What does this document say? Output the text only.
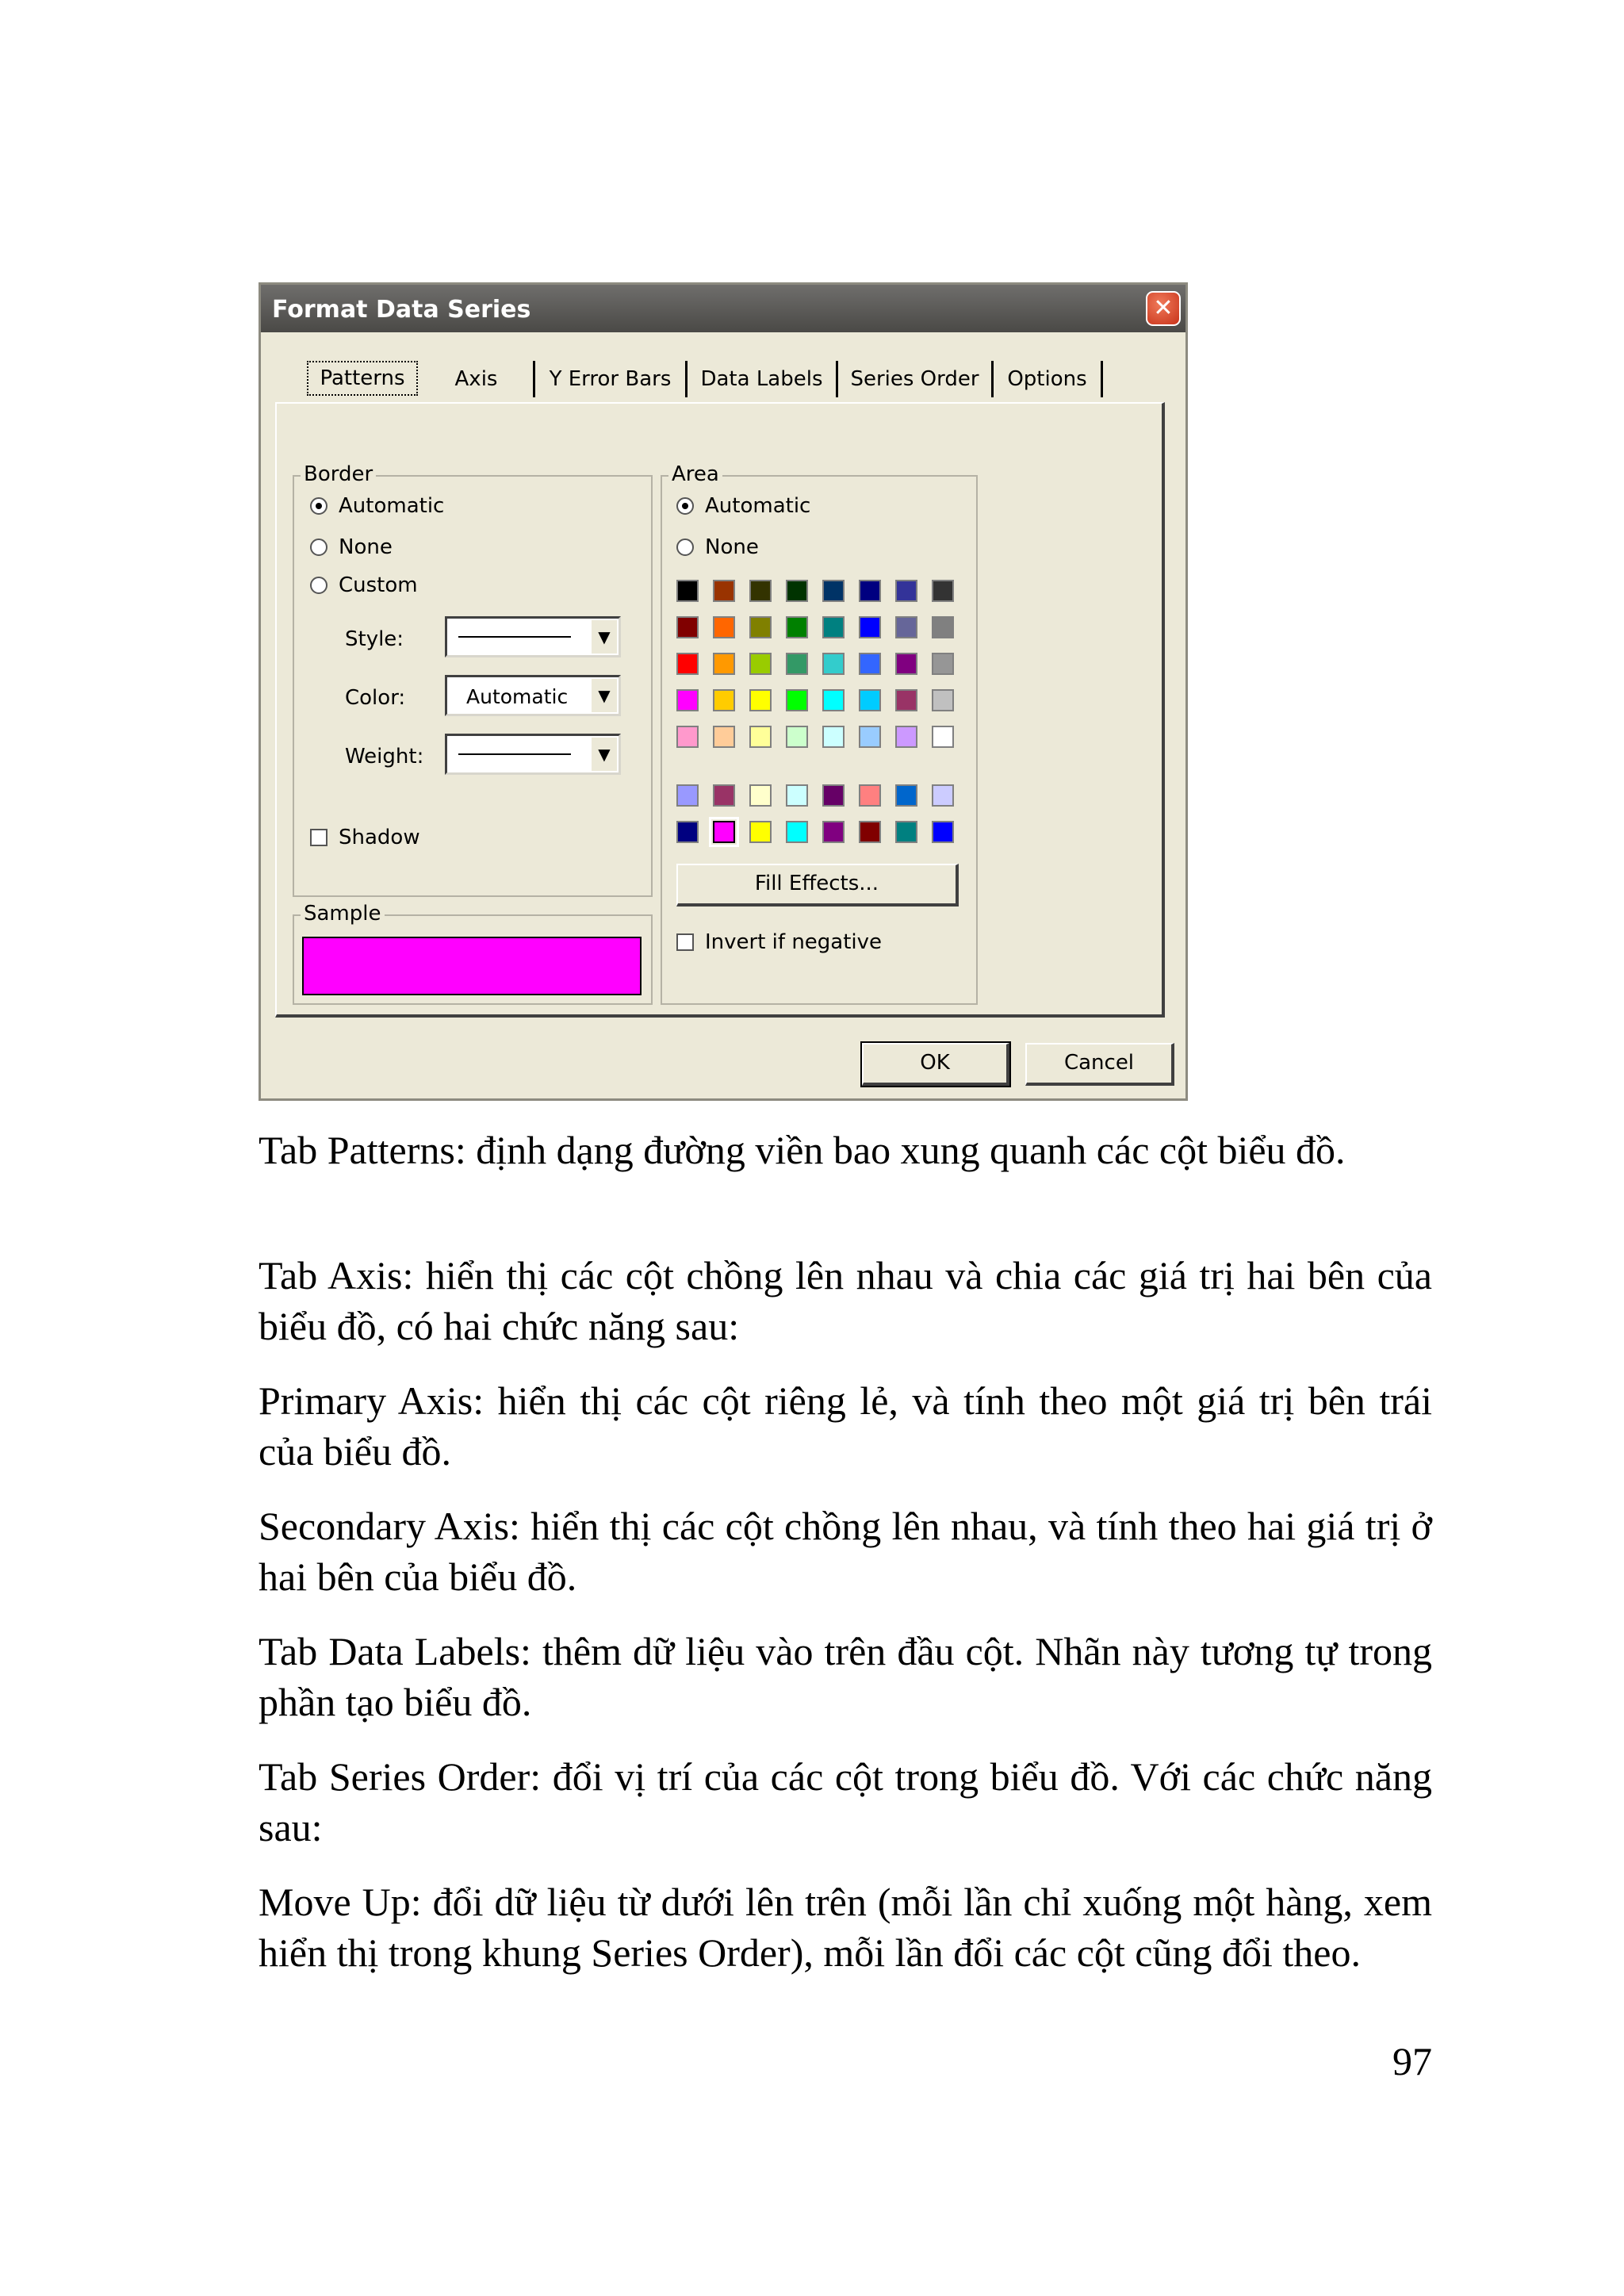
Format Data Series	✕
Patterns	Axis	Y Error Bars	Data Labels	Series Order	Options
Border
Automatic
None
Custom
Style:	▼
Color:	Automatic	▼
Weight:	▼
Shadow
Sample
Area
Automatic
None
Fill Effects...
Invert if negative
OK	Cancel
Tab Patterns: định dạng đường viền bao xung quanh các cột biểu đồ.
Tab Axis: hiển thị các cột chồng lên nhau và chia các giá trị hai bên của biểu đồ, có hai chức năng sau:
Primary Axis: hiển thị các cột riêng lẻ, và tính theo một giá trị bên trái của biểu đồ.
Secondary Axis: hiển thị các cột chồng lên nhau, và tính theo hai giá trị ở hai bên của biểu đồ.
Tab Data Labels: thêm dữ liệu vào trên đầu cột. Nhãn này tương tự trong phần tạo biểu đồ.
Tab Series Order: đổi vị trí của các cột trong biểu đồ. Với các chức năng sau:
Move Up: đổi dữ liệu từ dưới lên trên (mỗi lần chỉ xuống một hàng, xem hiển thị trong khung Series Order), mỗi lần đổi các cột cũng đổi theo.
97
